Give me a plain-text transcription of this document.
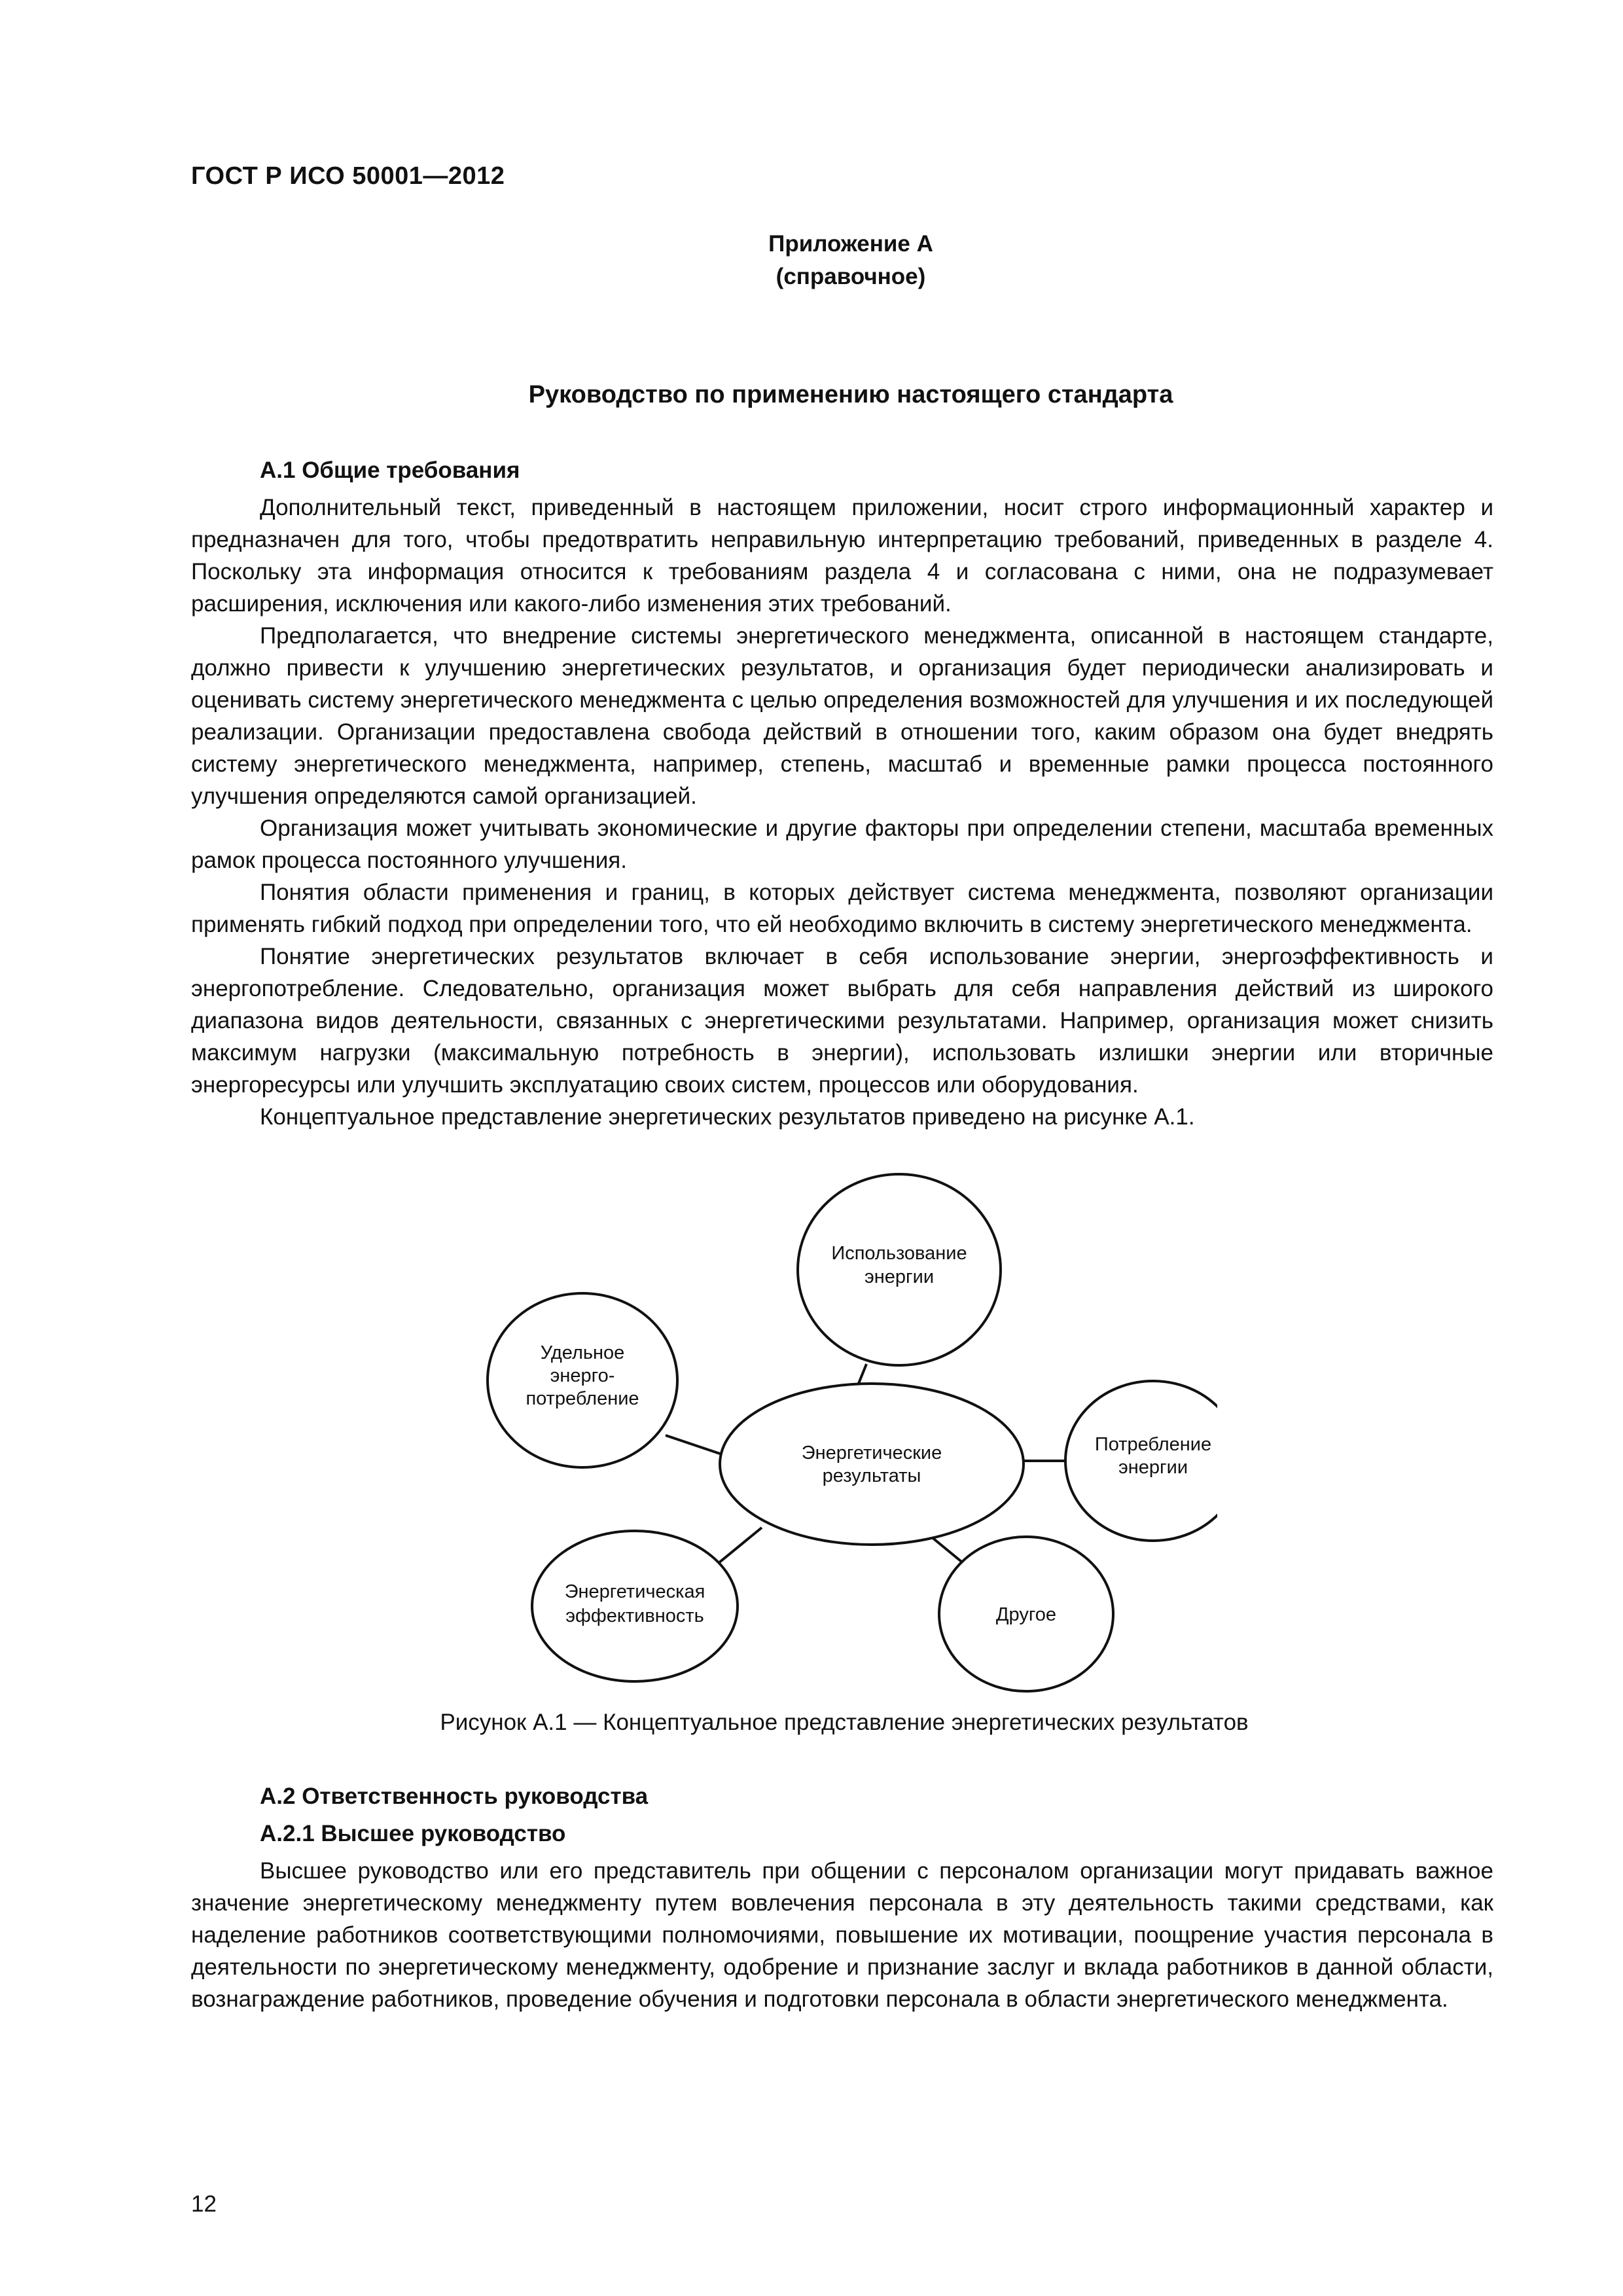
ГОСТ Р ИСО 50001—2012
Приложение А
(справочное)
Руководство по применению настоящего стандарта

А.1 Общие требования

Дополнительный текст, приведенный в настоящем приложении, носит строго информационный характер и предназначен для того, чтобы предотвратить неправильную интерпретацию требований, приведенных в разделе 4. Поскольку эта информация относится к требованиям раздела 4 и согласована с ними, она не подразумевает расширения, исключения или какого-либо изменения этих требований.

Предполагается, что внедрение системы энергетического менеджмента, описанной в настоящем стандарте, должно привести к улучшению энергетических результатов, и организация будет периодически анализировать и оценивать систему энергетического менеджмента с целью определения возможностей для улучшения и их последующей реализации. Организации предоставлена свобода действий в отношении того, каким образом она будет внедрять систему энергетического менеджмента, например, степень, масштаб и временные рамки процесса постоянного улучшения определяются самой организацией.

Организация может учитывать экономические и другие факторы при определении степени, масштаба временных рамок процесса постоянного улучшения.

Понятия области применения и границ, в которых действует система менеджмента, позволяют организации применять гибкий подход при определении того, что ей необходимо включить в систему энергетического менеджмента.

Понятие энергетических результатов включает в себя использование энергии, энергоэффективность и энергопотребление. Следовательно, организация может выбрать для себя направления действий из широкого диапазона видов деятельности, связанных с энергетическими результатами. Например, организация может снизить максимум нагрузки (максимальную потребность в энергии), использовать излишки энергии или вторичные энергоресурсы или улучшить эксплуатацию своих систем, процессов или оборудования.

Концептуальное представление энергетических результатов приведено на рисунке А.1.

Энергетические
результаты
Использование
энергии
Удельное
энерго-
потребление
Потребление
энергии
Энергетическая
эффективность	Другое
Рисунок А.1 — Концептуальное представление энергетических результатов

А.2 Ответственность руководства

А.2.1 Высшее руководство

Высшее руководство или его представитель при общении с персоналом организации могут придавать важное значение энергетическому менеджменту путем вовлечения персонала в эту деятельность такими средствами, как наделение работников соответствующими полномочиями, повышение их мотивации, поощрение участия персонала в деятельности по энергетическому менеджменту, одобрение и признание заслуг и вклада работников в данной области, вознаграждение работников, проведение обучения и подготовки персонала в области энергетического менеджмента.

12
